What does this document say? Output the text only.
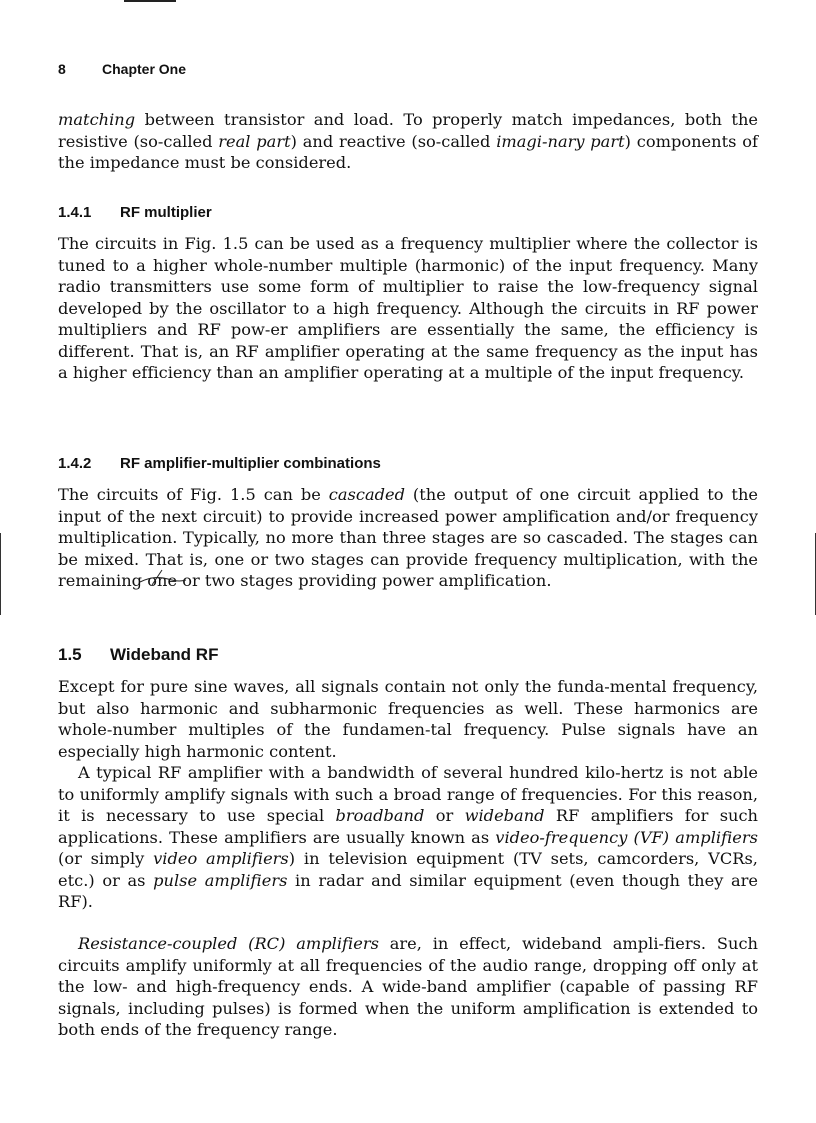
8	Chapter One

matching between transistor and load. To properly match impedances, both the resistive (so-called real part) and reactive (so-called imagi-nary part) components of the impedance must be considered.

1.4.1 RF multiplier

The circuits in Fig. 1.5 can be used as a frequency multiplier where the collector is tuned to a higher whole-number multiple (harmonic) of the input frequency. Many radio transmitters use some form of multiplier to raise the low-frequency signal developed by the oscillator to a high frequency. Although the circuits in RF power multipliers and RF pow-er amplifiers are essentially the same, the efficiency is different. That is, an RF amplifier operating at the same frequency as the input has a higher efficiency than an amplifier operating at a multiple of the input frequency.

1.4.2 RF amplifier-multiplier combinations

The circuits of Fig. 1.5 can be cascaded (the output of one circuit applied to the input of the next circuit) to provide increased power amplification and/or frequency multiplication. Typically, no more than three stages are so cascaded. The stages can be mixed. That is, one or two stages can provide frequency multiplication, with the remaining one or two stages providing power amplification.

1.5 Wideband RF

Except for pure sine waves, all signals contain not only the funda-mental frequency, but also harmonic and subharmonic frequencies as well. These harmonics are whole-number multiples of the fundamen-tal frequency. Pulse signals have an especially high harmonic content.

A typical RF amplifier with a bandwidth of several hundred kilo-hertz is not able to uniformly amplify signals with such a broad range of frequencies. For this reason, it is necessary to use special broadband or wideband RF amplifiers for such applications. These amplifiers are usually known as video-frequency (VF) amplifiers (or simply video amplifiers) in television equipment (TV sets, camcorders, VCRs, etc.) or as pulse amplifiers in radar and similar equipment (even though they are RF).

Resistance-coupled (RC) amplifiers are, in effect, wideband ampli-fiers. Such circuits amplify uniformly at all frequencies of the audio range, dropping off only at the low- and high-frequency ends. A wide-band amplifier (capable of passing RF signals, including pulses) is formed when the uniform amplification is extended to both ends of the frequency range.
